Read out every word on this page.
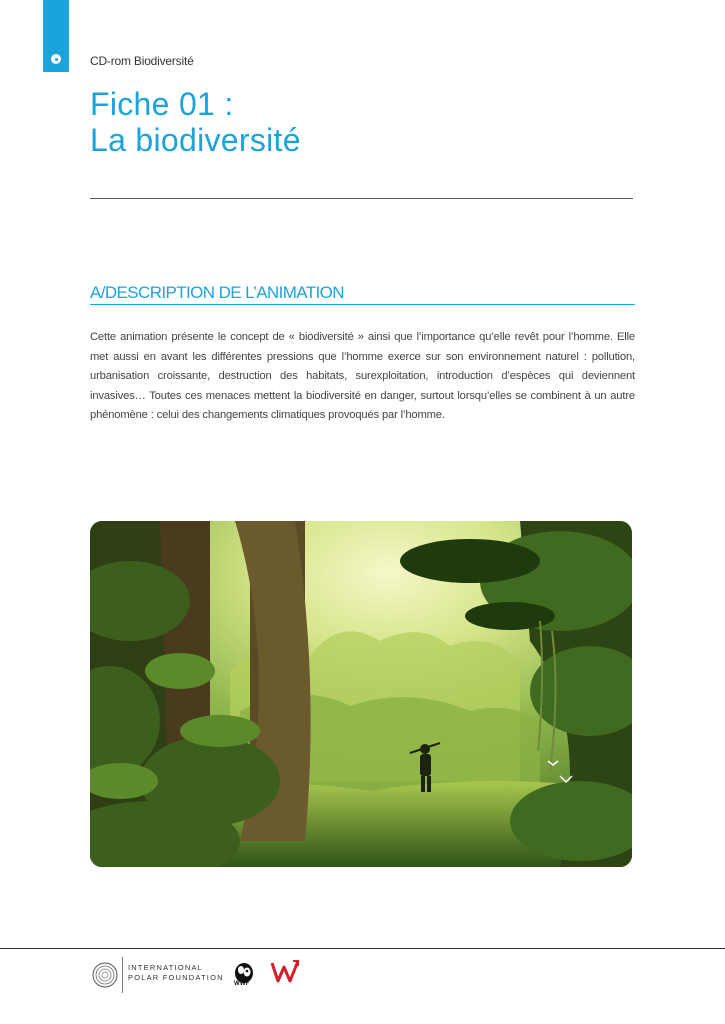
CD-rom Biodiversité
Fiche 01 :
La biodiversité
A/DESCRIPTION DE L’ANIMATION

Cette animation présente le concept de « biodiversité » ainsi que l’importance qu’elle revêt pour l’homme. Elle met aussi en avant les différentes pressions que l’homme exerce sur son environnement naturel : pollution, urbanisation croissante, destruction des habitats, surexploitation, introduction d’espèces qui deviennent invasives… Toutes ces menaces mettent la biodiversité en danger, surtout lorsqu’elles se combinent à un autre phénomène : celui des changements climatiques provoqués par l’homme.

INTERNATIONAL
POLAR FOUNDATION
WWF
